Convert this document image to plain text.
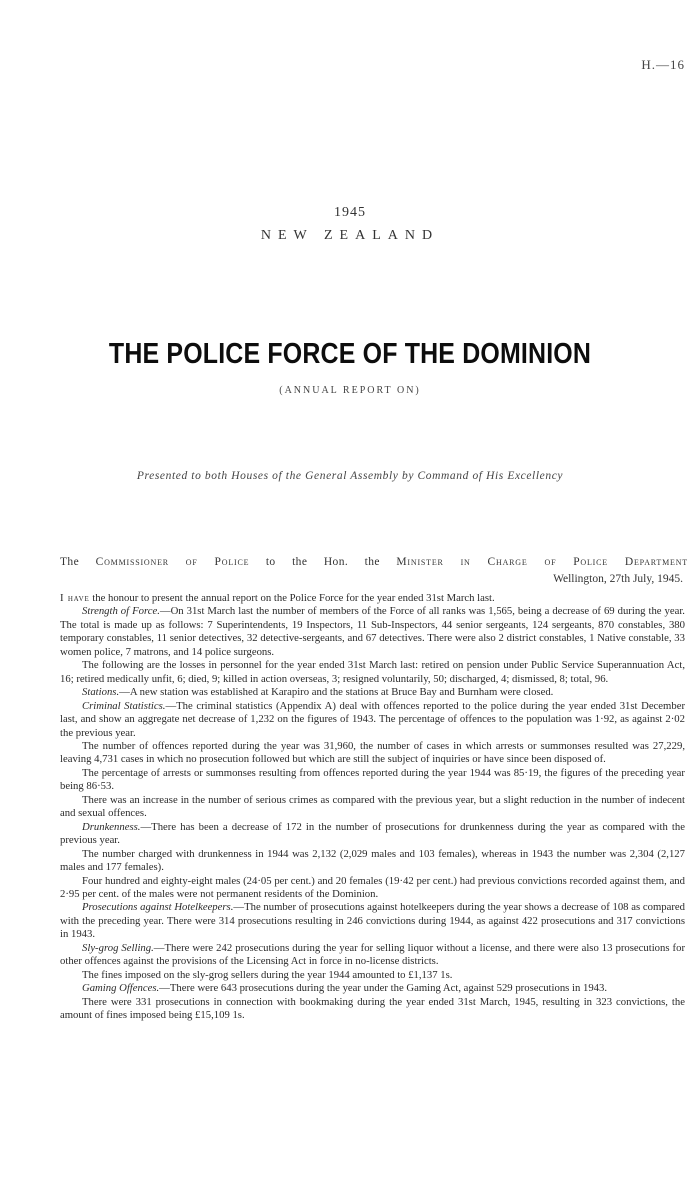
H.—16
1945
NEW ZEALAND
THE POLICE FORCE OF THE DOMINION
(ANNUAL REPORT ON)
Presented to both Houses of the General Assembly by Command of His Excellency
The Commissioner of Police to the Hon. the Minister in Charge of Police Department
Wellington, 27th July, 1945.

I have the honour to present the annual report on the Police Force for the year ended 31st March last.

Strength of Force.—On 31st March last the number of members of the Force of all ranks was 1,565, being a decrease of 69 during the year. The total is made up as follows: 7 Superintendents, 19 Inspectors, 11 Sub-Inspectors, 44 senior sergeants, 124 sergeants, 870 constables, 380 temporary constables, 11 senior detectives, 32 detective-sergeants, and 67 detectives. There were also 2 district constables, 1 Native constable, 33 women police, 7 matrons, and 14 police surgeons.

The following are the losses in personnel for the year ended 31st March last: retired on pension under Public Service Superannuation Act, 16; retired medically unfit, 6; died, 9; killed in action overseas, 3; resigned voluntarily, 50; discharged, 4; dismissed, 8; total, 96.

Stations.—A new station was established at Karapiro and the stations at Bruce Bay and Burnham were closed.

Criminal Statistics.—The criminal statistics (Appendix A) deal with offences reported to the police during the year ended 31st December last, and show an aggregate net decrease of 1,232 on the figures of 1943. The percentage of offences to the population was 1·92, as against 2·02 the previous year.

The number of offences reported during the year was 31,960, the number of cases in which arrests or summonses resulted was 27,229, leaving 4,731 cases in which no prosecution followed but which are still the subject of inquiries or have since been disposed of.

The percentage of arrests or summonses resulting from offences reported during the year 1944 was 85·19, the figures of the preceding year being 86·53.

There was an increase in the number of serious crimes as compared with the previous year, but a slight reduction in the number of indecent and sexual offences.

Drunkenness.—There has been a decrease of 172 in the number of prosecutions for drunkenness during the year as compared with the previous year.

The number charged with drunkenness in 1944 was 2,132 (2,029 males and 103 females), whereas in 1943 the number was 2,304 (2,127 males and 177 females).

Four hundred and eighty-eight males (24·05 per cent.) and 20 females (19·42 per cent.) had previous convictions recorded against them, and 2·95 per cent. of the males were not permanent residents of the Dominion.

Prosecutions against Hotelkeepers.—The number of prosecutions against hotelkeepers during the year shows a decrease of 108 as compared with the preceding year. There were 314 prosecutions resulting in 246 convictions during 1944, as against 422 prosecutions and 317 convictions in 1943.

Sly-grog Selling.—There were 242 prosecutions during the year for selling liquor without a license, and there were also 13 prosecutions for other offences against the provisions of the Licensing Act in force in no-license districts.

The fines imposed on the sly-grog sellers during the year 1944 amounted to £1,137 1s.

Gaming Offences.—There were 643 prosecutions during the year under the Gaming Act, against 529 prosecutions in 1943.

There were 331 prosecutions in connection with bookmaking during the year ended 31st March, 1945, resulting in 323 convictions, the amount of fines imposed being £15,109 1s.
